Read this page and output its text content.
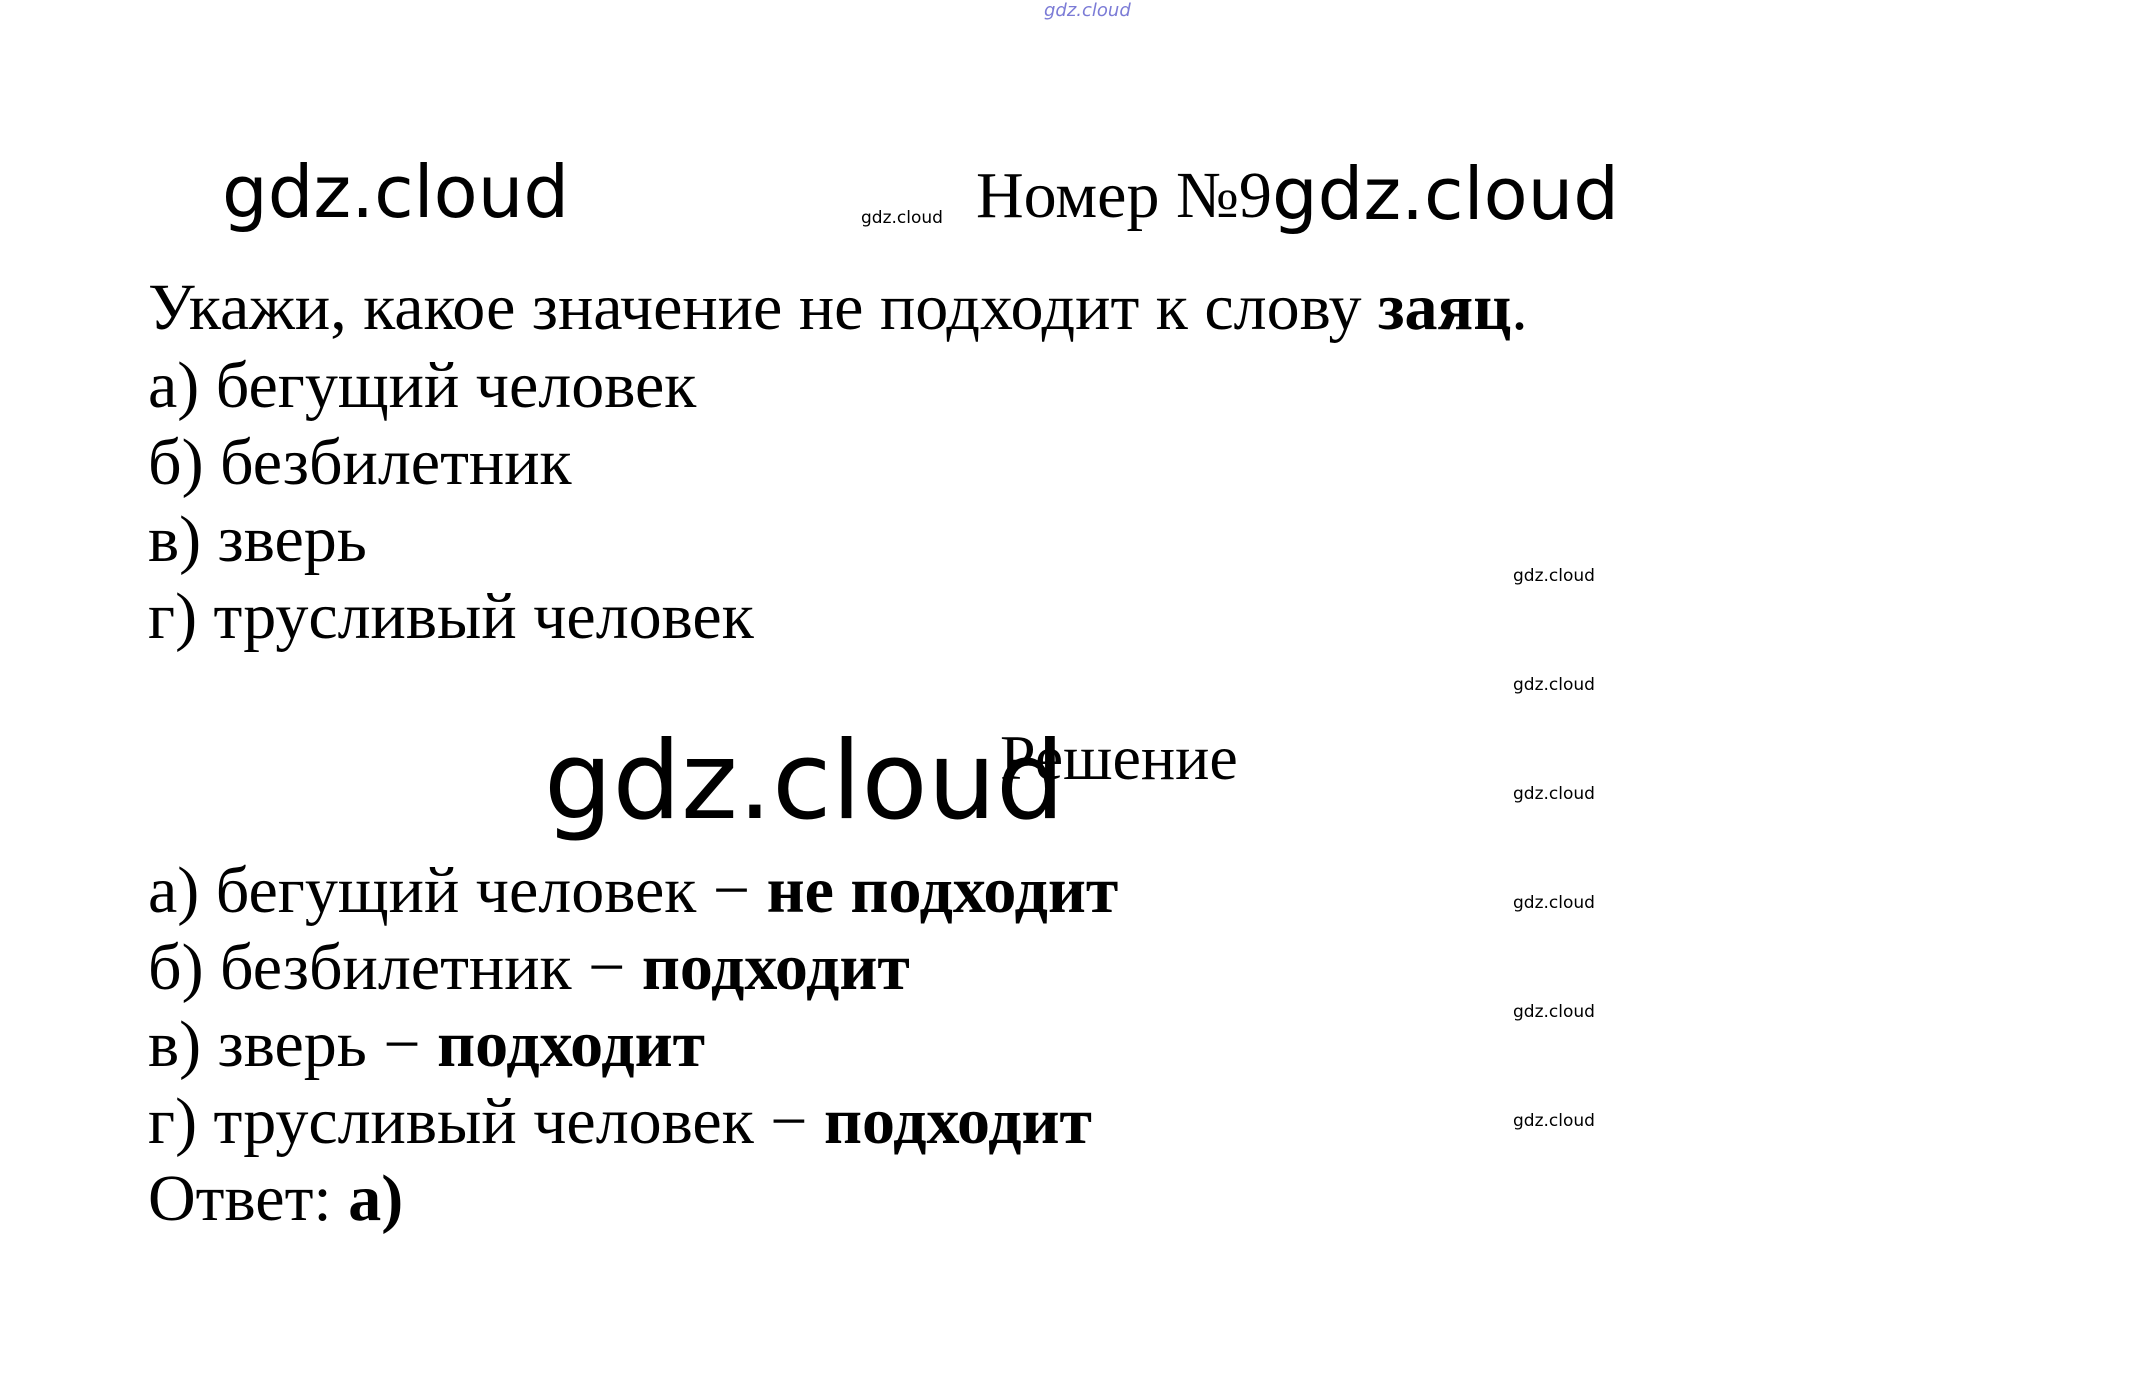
gdz.cloud
gdz.cloud	gdz.cloud
gdz.cloud
gdz.cloud
gdz.cloud
gdz.cloud
gdz.cloud
gdz.cloud
gdz.cloud
Номер №9gdz.cloud
Укажи, какое значение не подходит к слову заяц.
а) бегущий человек
б) безбилетник
в) зверь
г) трусливый человек
Решение
а) бегущий человек − не подходит
б) безбилетник − подходит
в) зверь − подходит
г) трусливый человек − подходит
Ответ: а)
